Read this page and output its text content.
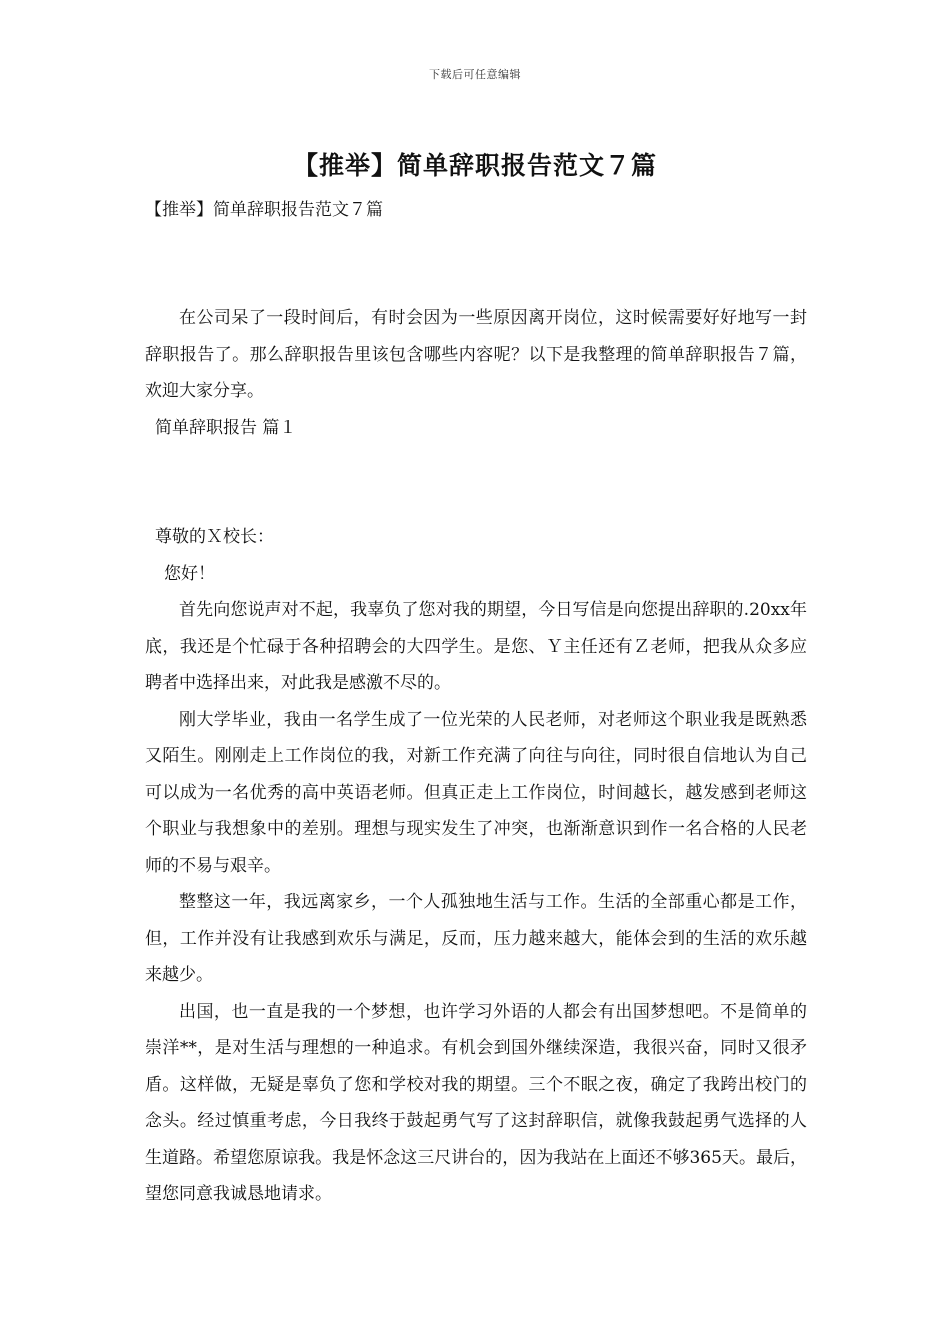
下载后可任意编辑
【推举】简单辞职报告范文７篇

【推举】简单辞职报告范文７篇

在公司呆了一段时间后，有时会因为一些原因离开岗位，这时候需要好好地写一封辞职报告了。那么辞职报告里该包含哪些内容呢？以下是我整理的简单辞职报告７篇，欢迎大家分享。

简单辞职报告 篇１

尊敬的Ｘ校长：

您好！

首先向您说声对不起，我辜负了您对我的期望，今日写信是向您提出辞职的.20xx年底，我还是个忙碌于各种招聘会的大四学生。是您、Ｙ主任还有Ｚ老师，把我从众多应聘者中选择出来，对此我是感激不尽的。

刚大学毕业，我由一名学生成了一位光荣的人民老师，对老师这个职业我是既熟悉又陌生。刚刚走上工作岗位的我，对新工作充满了向往与向往，同时很自信地认为自己可以成为一名优秀的高中英语老师。但真正走上工作岗位，时间越长，越发感到老师这个职业与我想象中的差别。理想与现实发生了冲突，也渐渐意识到作一名合格的人民老师的不易与艰辛。

整整这一年，我远离家乡，一个人孤独地生活与工作。生活的全部重心都是工作，但，工作并没有让我感到欢乐与满足，反而，压力越来越大，能体会到的生活的欢乐越来越少。

出国，也一直是我的一个梦想，也许学习外语的人都会有出国梦想吧。不是简单的崇洋**，是对生活与理想的一种追求。有机会到国外继续深造，我很兴奋，同时又很矛盾。这样做，无疑是辜负了您和学校对我的期望。三个不眠之夜，确定了我跨出校门的念头。经过慎重考虑，今日我终于鼓起勇气写了这封辞职信，就像我鼓起勇气选择的人生道路。希望您原谅我。我是怀念这三尺讲台的，因为我站在上面还不够365天。最后，望您同意我诚恳地请求。
